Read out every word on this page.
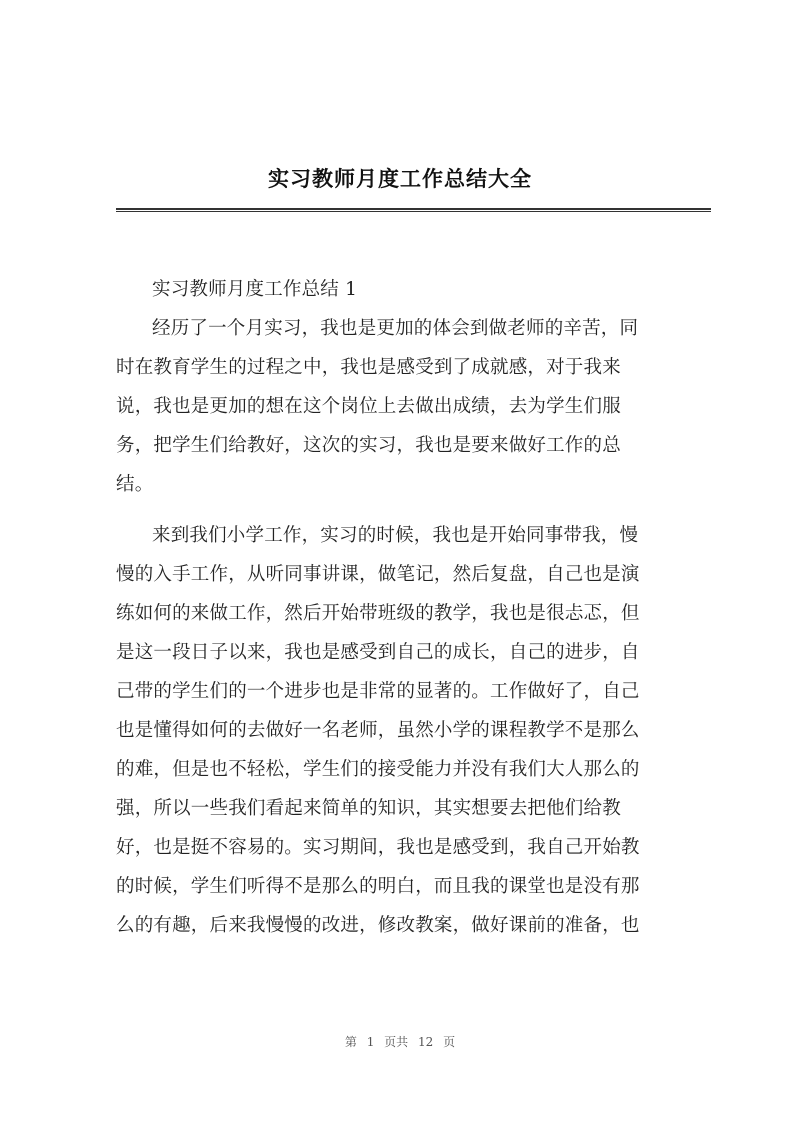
实习教师月度工作总结大全
实习教师月度工作总结 1
经历了一个月实习，我也是更加的体会到做老师的辛苦，同
时在教育学生的过程之中，我也是感受到了成就感，对于我来
说，我也是更加的想在这个岗位上去做出成绩，去为学生们服
务，把学生们给教好，这次的实习，我也是要来做好工作的总
结。
来到我们小学工作，实习的时候，我也是开始同事带我，慢
慢的入手工作，从听同事讲课，做笔记，然后复盘，自己也是演
练如何的来做工作，然后开始带班级的教学，我也是很忐忑，但
是这一段日子以来，我也是感受到自己的成长，自己的进步，自
己带的学生们的一个进步也是非常的显著的。工作做好了，自己
也是懂得如何的去做好一名老师，虽然小学的课程教学不是那么
的难，但是也不轻松，学生们的接受能力并没有我们大人那么的
强，所以一些我们看起来简单的知识，其实想要去把他们给教
好，也是挺不容易的。实习期间，我也是感受到，我自己开始教
的时候，学生们听得不是那么的明白，而且我的课堂也是没有那
么的有趣，后来我慢慢的改进，修改教案，做好课前的准备，也
第 1 页共 12 页
